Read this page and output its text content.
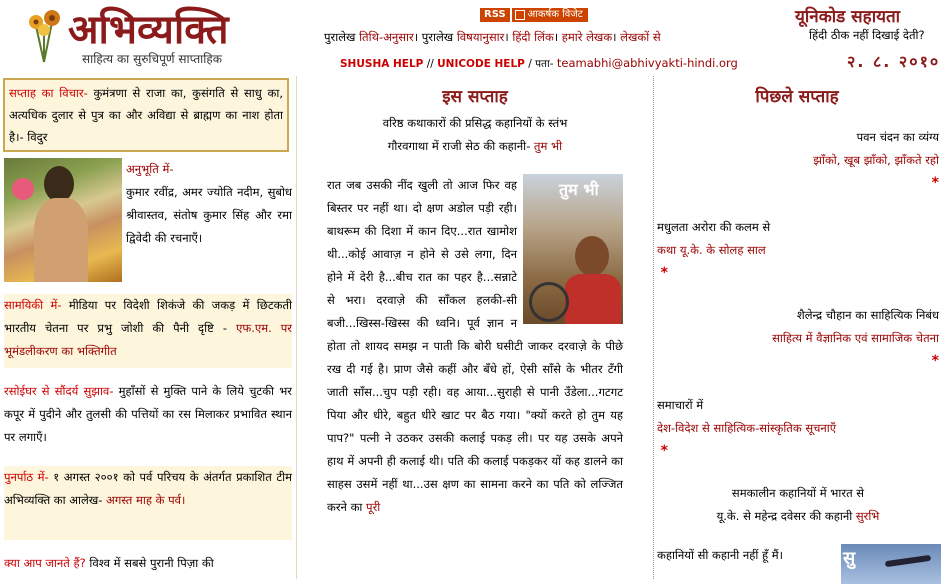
अभिव्यक्ति
साहित्य का सुरुचिपूर्ण साप्ताहिक
RSS	आकर्षक विजेट
पुरालेख तिथि-अनुसार। पुरालेख विषयानुसार। हिंदी लिंक। हमारे लेखक। लेखकों से
SHUSHA HELP // UNICODE HELP / पता- teamabhi@abhivyakti-hindi.org
यूनिकोड सहायता
हिंदी ठीक नहीं दिखाई देती?
२. ८. २०१०
सप्ताह का विचार- कुमंत्रणा से राजा का, कुसंगति से साधु का, अत्यधिक दुलार से पुत्र का और अविद्या से ब्राह्मण का नाश होता है।- विदुर
अनुभूति में-
कुमार रवींद्र, अमर ज्योति नदीम, सुबोध श्रीवास्तव, संतोष कुमार सिंह और रमा द्विवेदी की रचनाएँ।
सामयिकी में- मीडिया पर विदेशी शिकंजे की जकड़ में छिटकती भारतीय चेतना पर प्रभु जोशी की पैनी दृष्टि - एफ.एम. पर भूमंडलीकरण का भक्तिगीत
रसोईघर से सौंदर्य सुझाव- मुहाँसों से मुक्ति पाने के लिये चुटकी भर कपूर में पुदीने और तुलसी की पत्तियों का रस मिलाकर प्रभावित स्थान पर लगाएँ।
पुनर्पाठ में- १ अगस्त २००१ को पर्व परिचय के अंतर्गत प्रकाशित टीम अभिव्यक्ति का आलेख- अगस्त माह के पर्व।
क्या आप जानते हैं? विश्व में सबसे पुरानी पिज़ा की
इस सप्ताह
वरिष्ठ कथाकारों की प्रसिद्ध कहानियों के स्तंभ
गौरवगाथा में राजी सेठ की कहानी- तुम भी
तुम भी
रात जब उसकी नींद खुली तो आज फिर वह बिस्तर पर नहीं था। दो क्षण अडोल पड़ी रही। बाथरूम की दिशा में कान दिए...रात खामोश थी...कोई आवाज़ न होने से उसे लगा, दिन होने में देरी है...बीच रात का पहर है...सन्नाटे से भरा। दरवाज़े की साँकल हलकी-सी बजी...खिस्स-खिस्स की ध्वनि। पूर्व ज्ञान न होता तो शायद समझ न पाती कि बोरी घसीटी जाकर दरवाज़े के पीछे रख दी गई है। प्राण जैसे कहीं और बँधे हों, ऐसी साँसे के भीतर टँगी जाती साँस...चुप पड़ी रही। वह आया...सुराही से पानी उँडेला...गटगट पिया और धीरे, बहुत धीरे खाट पर बैठ गया। "क्यों करते हो तुम यह पाप?" पत्नी ने उठकर उसकी कलाई पकड़ ली। पर यह उसके अपने हाथ में अपनी ही कलाई थी। पति की कलाई पकड़कर यों कह डालने का साहस उसमें नहीं था...उस क्षण का सामना करने का पति को लज्जित करने का पूरी
पिछले सप्ताह
पवन चंदन का व्यंग्य
झाँको, खूब झाँको, झाँकते रहो
*
मधुलता अरोरा की कलम से
कथा यू.के. के सोलह साल
*
शैलेन्द्र चौहान का साहित्यिक निबंध
साहित्य में वैज्ञानिक एवं सामाजिक चेतना
*
समाचारों में
देश-विदेश से साहित्यिक-सांस्कृतिक सूचनाएँ
*
समकालीन कहानियों में भारत से
यू.के. से महेन्द्र दवेसर की कहानी सुरभि
कहानियों सी कहानी नहीं हूँ मैं।	सु
